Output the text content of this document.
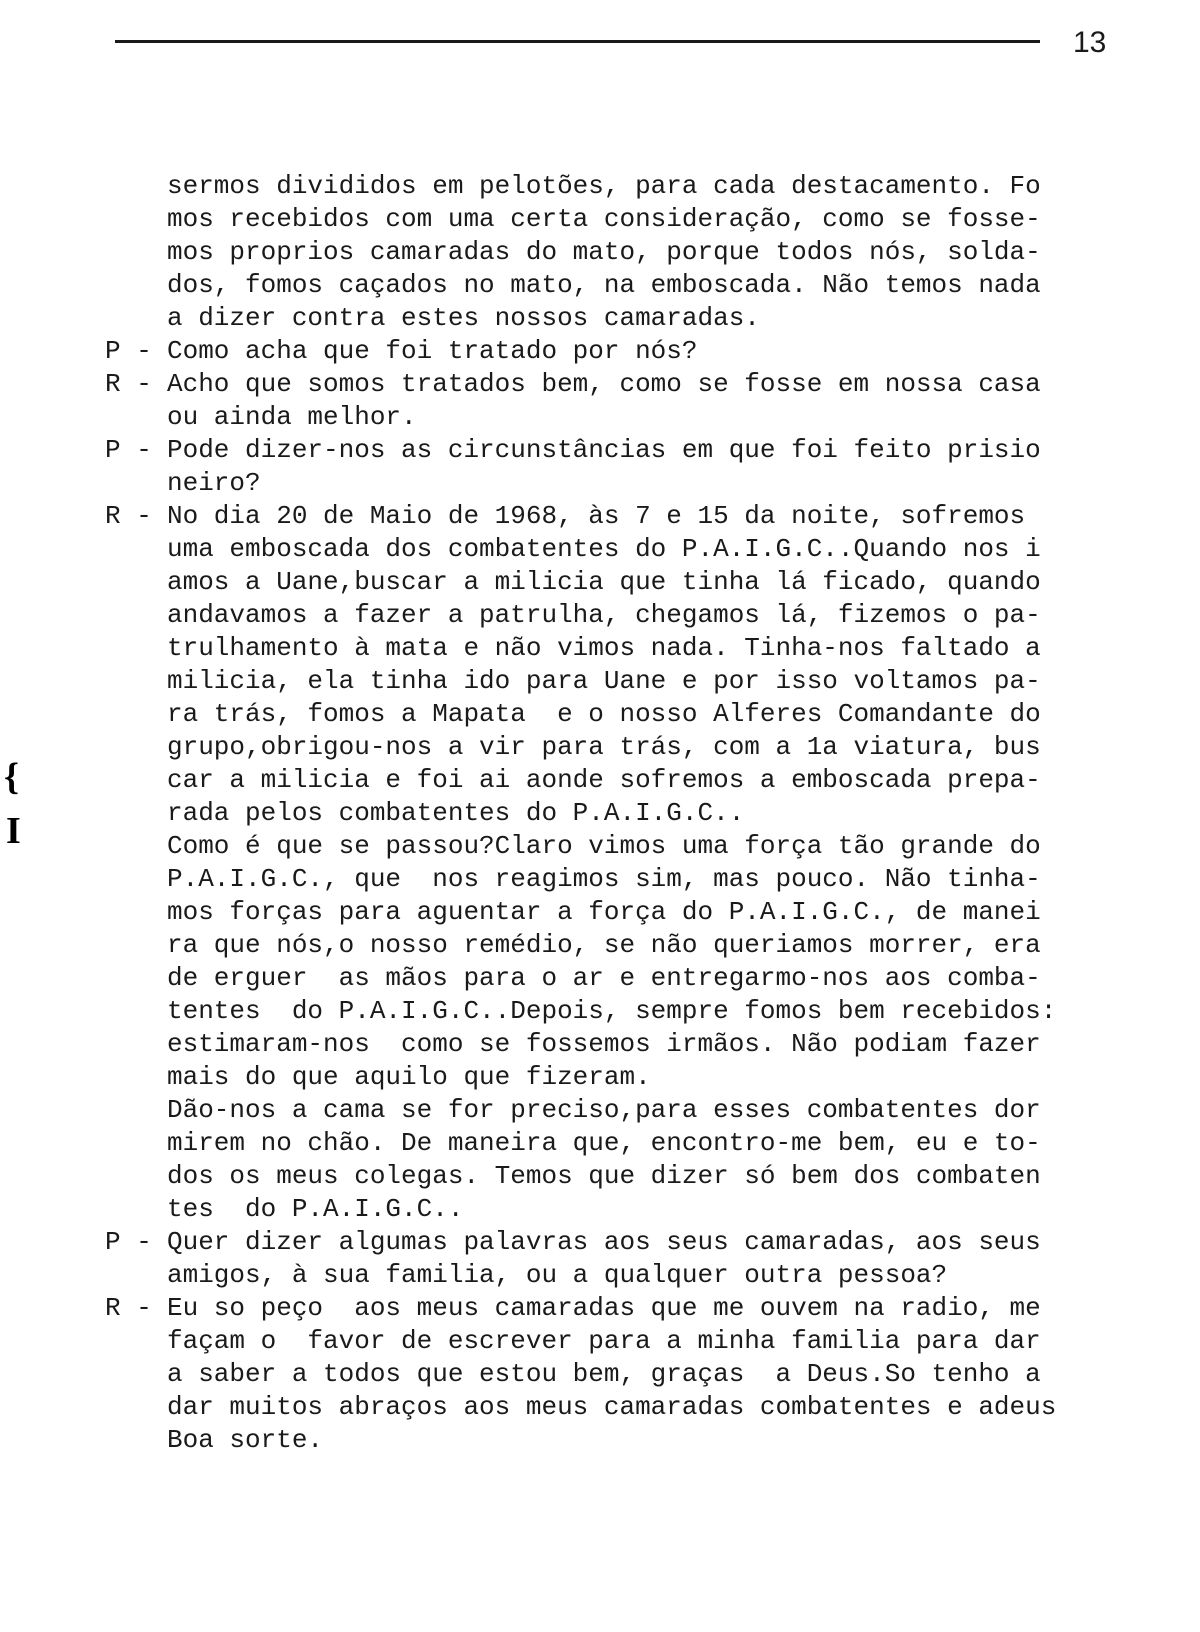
13
{
I
sermos divididos em pelotões, para cada destacamento. Fo
mos recebidos com uma certa consideração, como se fosse-
mos proprios camaradas do mato, porque todos nós, solda-
dos, fomos caçados no mato, na emboscada. Não temos nada
a dizer contra estes nossos camaradas.
P - Como acha que foi tratado por nós?
R - Acho que somos tratados bem, como se fosse em nossa casa
ou ainda melhor.
P - Pode dizer-nos as circunstâncias em que foi feito prisio
neiro?
R - No dia 20 de Maio de 1968, às 7 e 15 da noite, sofremos
uma emboscada dos combatentes do P.A.I.G.C..Quando nos i
amos a Uane,buscar a milicia que tinha lá ficado, quando
andavamos a fazer a patrulha, chegamos lá, fizemos o pa-
trulhamento à mata e não vimos nada. Tinha-nos faltado a
milicia, ela tinha ido para Uane e por isso voltamos pa-
ra trás, fomos a Mapata  e o nosso Alferes Comandante do
grupo,obrigou-nos a vir para trás, com a 1a viatura, bus
car a milicia e foi ai aonde sofremos a emboscada prepa-
rada pelos combatentes do P.A.I.G.C..
Como é que se passou?Claro vimos uma força tão grande do
P.A.I.G.C., que  nos reagimos sim, mas pouco. Não tinha-
mos forças para aguentar a força do P.A.I.G.C., de manei
ra que nós,o nosso remédio, se não queriamos morrer, era
de erguer  as mãos para o ar e entregarmo-nos aos comba-
tentes  do P.A.I.G.C..Depois, sempre fomos bem recebidos:
estimaram-nos  como se fossemos irmãos. Não podiam fazer
mais do que aquilo que fizeram.
Dão-nos a cama se for preciso,para esses combatentes dor
mirem no chão. De maneira que, encontro-me bem, eu e to-
dos os meus colegas. Temos que dizer só bem dos combaten
tes  do P.A.I.G.C..
P - Quer dizer algumas palavras aos seus camaradas, aos seus
amigos, à sua familia, ou a qualquer outra pessoa?
R - Eu so peço  aos meus camaradas que me ouvem na radio, me
façam o  favor de escrever para a minha familia para dar
a saber a todos que estou bem, graças  a Deus.So tenho a
dar muitos abraços aos meus camaradas combatentes e adeus
Boa sorte.
